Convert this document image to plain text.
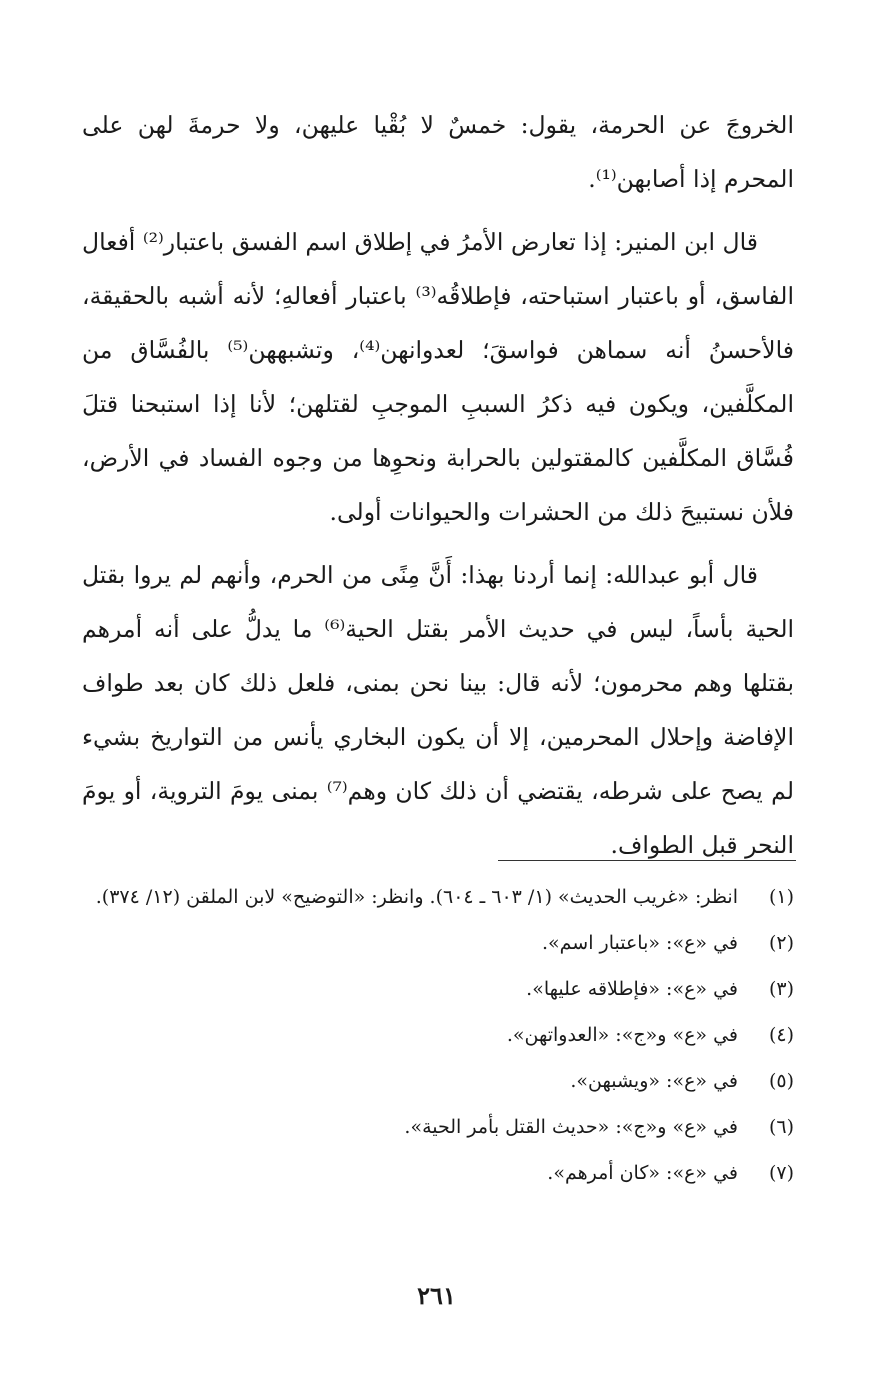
الخروجَ عن الحرمة، يقول: خمسٌ لا بُقْيا عليهن، ولا حرمةَ لهن على المحرم إذا أصابهن⁽¹⁾.

قال ابن المنير: إذا تعارض الأمرُ في إطلاق اسم الفسق باعتبار⁽²⁾ أفعال الفاسق، أو باعتبار استباحته، فإطلاقُه⁽³⁾ باعتبار أفعالهِ؛ لأنه أشبه بالحقيقة، فالأحسنُ أنه سماهن فواسقَ؛ لعدوانهن⁽⁴⁾، وتشبههن⁽⁵⁾ بالفُسَّاق من المكلَّفين، ويكون فيه ذكرُ السببِ الموجبِ لقتلهن؛ لأنا إذا استبحنا قتلَ فُسَّاق المكلَّفين كالمقتولين بالحرابة ونحوِها من وجوه الفساد في الأرض، فلأن نستبيحَ ذلك من الحشرات والحيوانات أولى.

قال أبو عبدالله: إنما أردنا بهذا: أَنَّ مِنًى من الحرم، وأنهم لم يروا بقتل الحية بأساً، ليس في حديث الأمر بقتل الحية⁽⁶⁾ ما يدلُّ على أنه أمرهم بقتلها وهم محرمون؛ لأنه قال: بينا نحن بمنى، فلعل ذلك كان بعد طواف الإفاضة وإحلال المحرمين، إلا أن يكون البخاري يأنس من التواريخ بشيء لم يصح على شرطه، يقتضي أن ذلك كان وهم⁽⁷⁾ بمنى يومَ التروية، أو يومَ النحر قبل الطواف.

(١)
انظر: «غريب الحديث» (١/ ٦٠٣ ـ ٦٠٤). وانظر: «التوضيح» لابن الملقن (١٢/ ٣٧٤).
(٢)
في «ع»: «باعتبار اسم».
(٣)
في «ع»: «فإطلاقه عليها».
(٤)
في «ع» و«ج»: «العدواتهن».
(٥)
في «ع»: «ويشبهن».
(٦)
في «ع» و«ج»: «حديث القتل بأمر الحية».
(٧)
في «ع»: «كان أمرهم».
٢٦١
